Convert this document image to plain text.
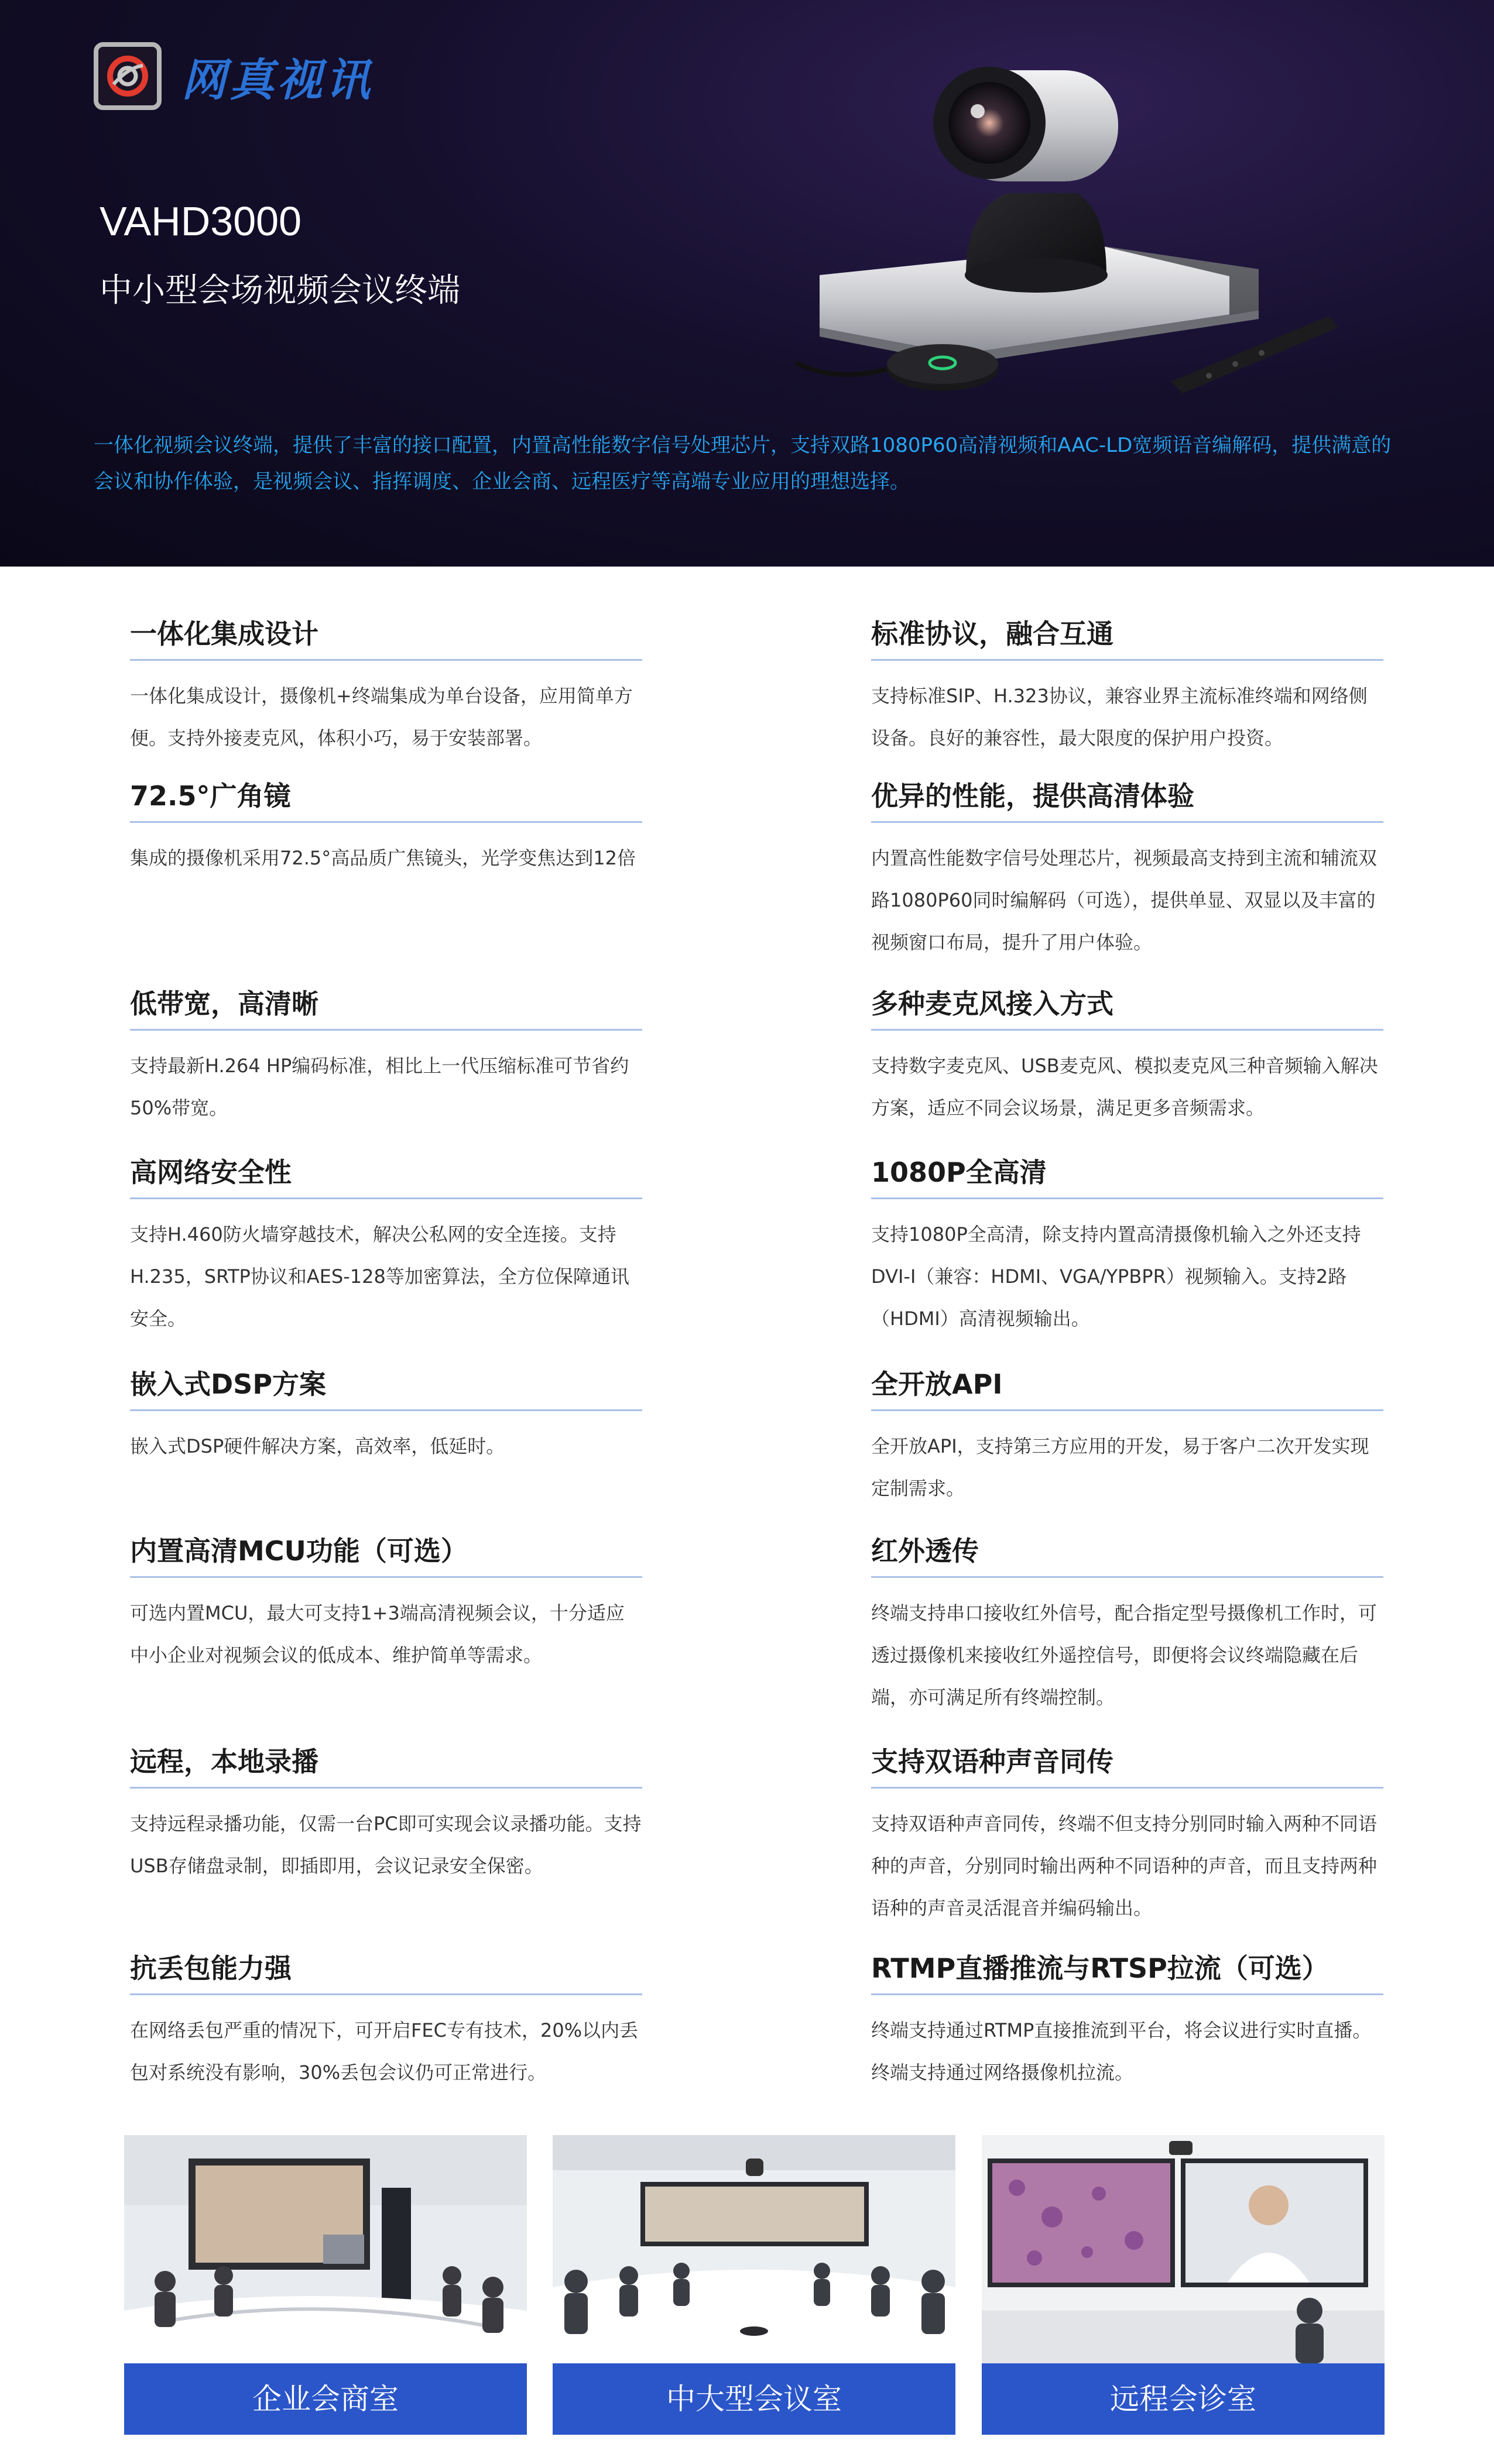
网真视讯
VAHD3000
中小型会场视频会议终端
一体化视频会议终端，提供了丰富的接口配置，内置高性能数字信号处理芯片，支持双路1080P60高清视频和AAC-LD宽频语音编解码，提供满意的会议和协作体验，是视频会议、指挥调度、企业会商、远程医疗等高端专业应用的理想选择。
一体化集成设计
一体化集成设计，摄像机+终端集成为单台设备，应用简单方便。支持外接麦克风，体积小巧，易于安装部署。
标准协议，融合互通
支持标准SIP、H.323协议，兼容业界主流标准终端和网络侧设备。良好的兼容性，最大限度的保护用户投资。
72.5°广角镜
集成的摄像机采用72.5°高品质广焦镜头，光学变焦达到12倍
优异的性能，提供高清体验
内置高性能数字信号处理芯片，视频最高支持到主流和辅流双路1080P60同时编解码（可选），提供单显、双显以及丰富的视频窗口布局，提升了用户体验。
低带宽，高清晰
支持最新H.264 HP编码标准，相比上一代压缩标准可节省约50%带宽。
多种麦克风接入方式
支持数字麦克风、USB麦克风、模拟麦克风三种音频输入解决方案，适应不同会议场景，满足更多音频需求。
高网络安全性
支持H.460防火墙穿越技术，解决公私网的安全连接。支持H.235，SRTP协议和AES-128等加密算法，全方位保障通讯安全。
1080P全高清
支持1080P全高清，除支持内置高清摄像机输入之外还支持DVI-I（兼容：HDMI、VGA/YPBPR）视频输入。支持2路（HDMI）高清视频输出。
嵌入式DSP方案
嵌入式DSP硬件解决方案，高效率，低延时。
全开放API
全开放API，支持第三方应用的开发，易于客户二次开发实现定制需求。
内置高清MCU功能（可选）
可选内置MCU，最大可支持1+3端高清视频会议，十分适应中小企业对视频会议的低成本、维护简单等需求。
红外透传
终端支持串口接收红外信号，配合指定型号摄像机工作时，可透过摄像机来接收红外遥控信号，即便将会议终端隐藏在后端，亦可满足所有终端控制。
远程，本地录播
支持远程录播功能，仅需一台PC即可实现会议录播功能。支持USB存储盘录制，即插即用，会议记录安全保密。
支持双语种声音同传
支持双语种声音同传，终端不但支持分别同时输入两种不同语种的声音，分别同时输出两种不同语种的声音，而且支持两种语种的声音灵活混音并编码输出。
抗丢包能力强
在网络丢包严重的情况下，可开启FEC专有技术，20%以内丢包对系统没有影响，30%丢包会议仍可正常进行。
RTMP直播推流与RTSP拉流（可选）
终端支持通过RTMP直接推流到平台，将会议进行实时直播。终端支持通过网络摄像机拉流。
企业会商室	中大型会议室	远程会诊室
